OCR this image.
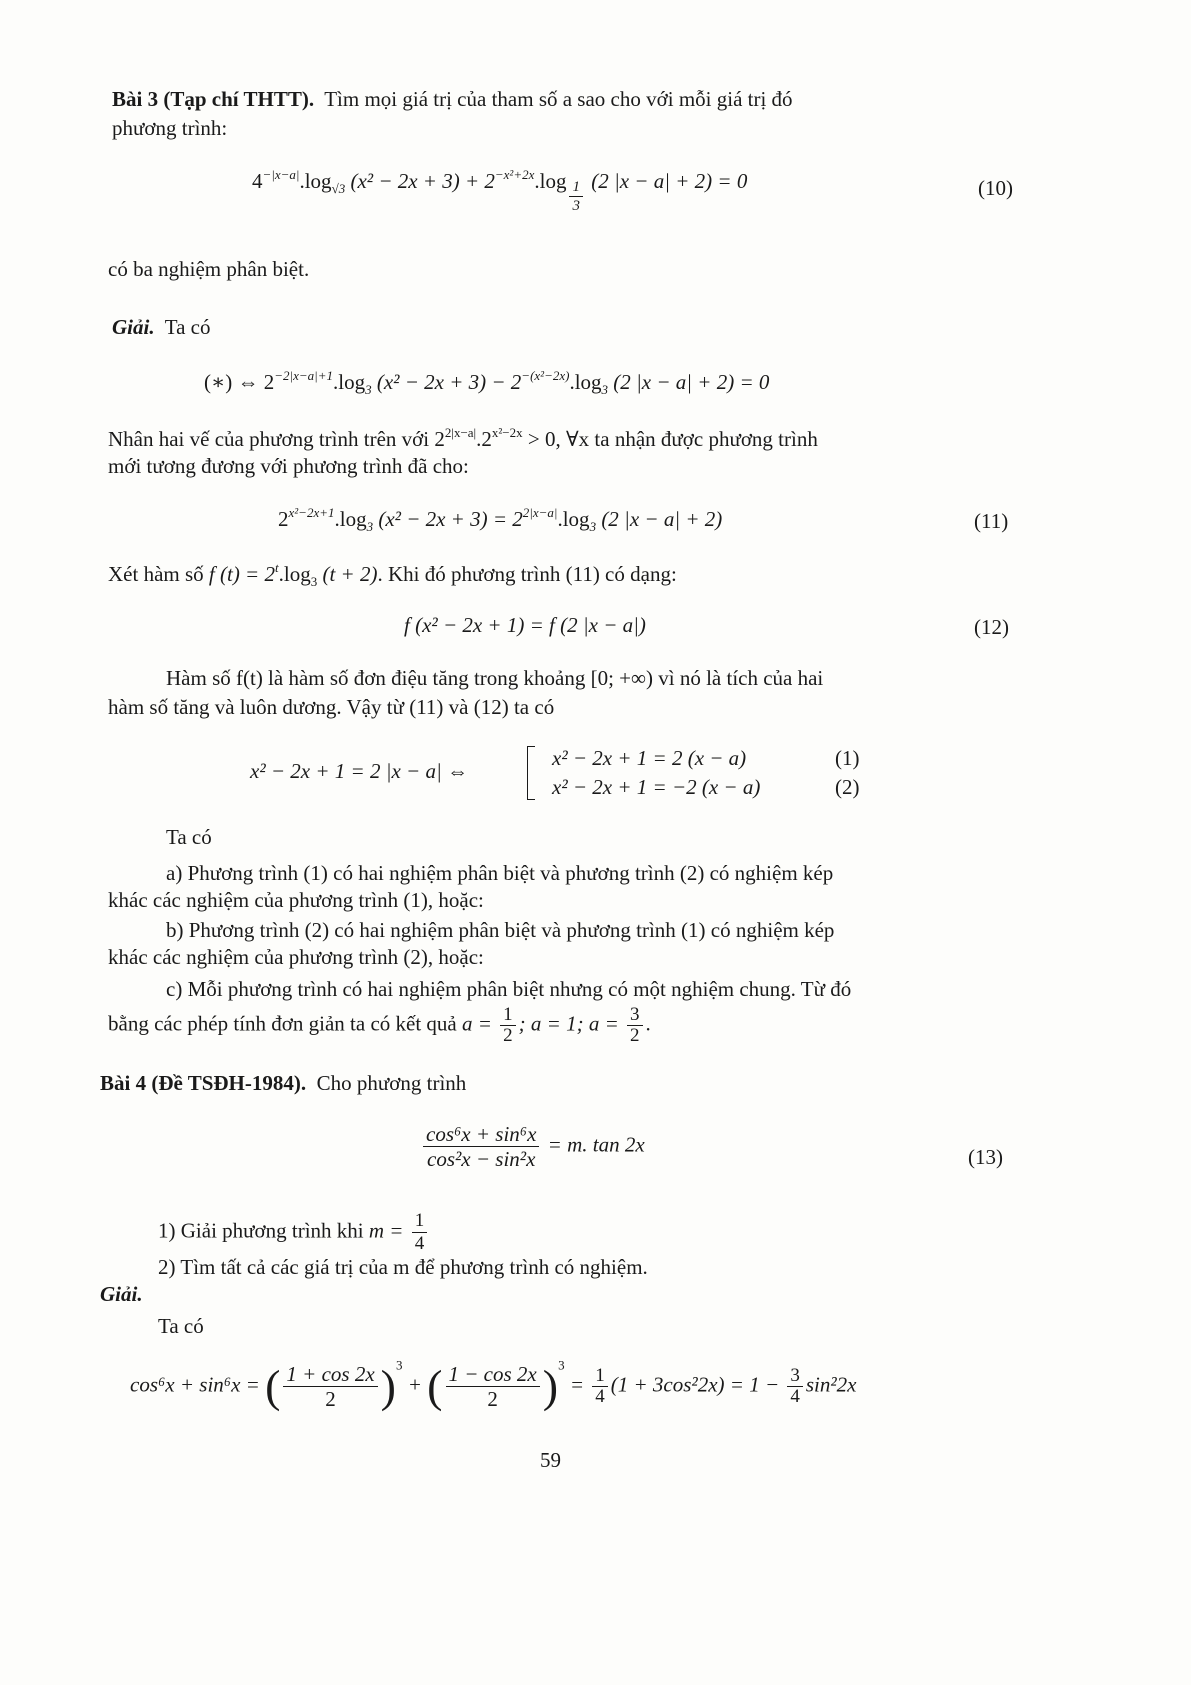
Bài 3 (Tạp chí THTT). Tìm mọi giá trị của tham số a sao cho với mỗi giá trị đó
phương trình:
$4^{-|x-a|}.\log_{√3}$ $(x^2 - 2x + 3) + 2^{-x^2+2x}.\log \frac{1}{3} (2$ |x − a| + 2) = 0	(10)
có ba nghiệm phân biệt.
Giải. Ta có
(∗) ⇔ $2^{-2|x-a|+1}.\log_3$ $(x^2 - 2x + 3) - 2^{-(x^2-2x)}.\log_3$ (2 |x − a| + 2) = 0
Nhân hai vế của phương trình trên với $2^{2|x-a|}.2^{x^2-2x} > 0$, ∀x ta nhận được phương trình
mới tương đương với phương trình đã cho:
$2^{x^2-2x+1}.\log_3$ $(x^2 - 2x + 3) = 2^{2|x-a|}.\log_3$ (2 |x − a| + 2)	(11)
Xét hàm số f $(t) = 2^t.\log_3$ (t + 2). Khi đó phương trình (11) có dạng:
f (x² − 2x + 1) = f (2 |x − a|)	(12)
Hàm số f(t) là hàm số đơn điệu tăng trong khoảng [0; +∞) vì nó là tích của hai
hàm số tăng và luôn dương. Vậy từ (11) và (12) ta có
x² − 2x + 1 = 2 |x − a| ⇔
x² − 2x + 1 = 2 (x − a)	(1)
x² − 2x + 1 = −2 (x − a)	(2)
Ta có
a) Phương trình (1) có hai nghiệm phân biệt và phương trình (2) có nghiệm kép
khác các nghiệm của phương trình (1), hoặc:
b) Phương trình (2) có hai nghiệm phân biệt và phương trình (1) có nghiệm kép
khác các nghiệm của phương trình (2), hoặc:
c) Mỗi phương trình có hai nghiệm phân biệt nhưng có một nghiệm chung. Từ đó
bằng các phép tính đơn giản ta có kết quả $a = \frac{1}{2}$ ; a = 1; $a = \frac{3}{2}$ .
Bài 4 (Đề TSĐH-1984). Cho phương trình
$\frac{\text{cos⁶x + sin⁶x}}{\text{cos²x − sin²x}} = m$. tan 2x
(13)
1) Giải phương trình khi $m = \frac{1}{4}$
2) Tìm tất cả các giá trị của m để phương trình có nghiệm.
Giải.
Ta có
cos⁶x + sin⁶x = ( $\frac{1 + \cos 2x}{2} )^3$ + ( $\frac{1 - \cos 2x}{2} )^3 = \frac{1}{4} (1 + 3\cos^22x) = 1 - \frac{3}{4} \sin^22x$
59
